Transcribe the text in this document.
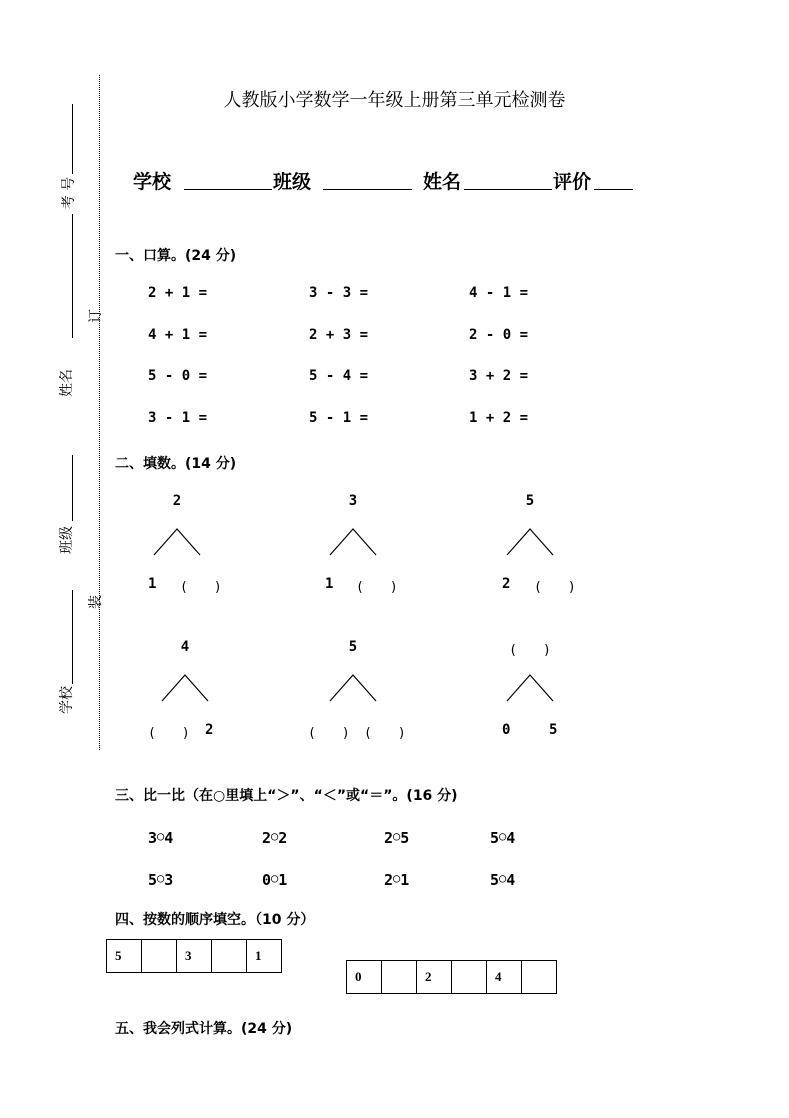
订
装
考 号
姓名
班级
学校
人教版小学数学一年级上册第三单元检测卷
学校	班级	姓名	评价
一、口算。(24 分)
2 + 1 =	3 - 3 =	4 - 1 =
4 + 1 =	2 + 3 =	2 - 0 =
5 - 0 =	5 - 4 =	3 + 2 =
3 - 1 =	5 - 1 =	1 + 2 =
二、填数。(14 分)
2
1 (　　)
3
1 (　　)
5
2 (　　)
4
(　　) 2
5
(　　) (　　)
(　　)
0	5
三、比一比（在○里填上“＞”、“＜”或“＝”。(16 分)
3○4	2○2	2○5	5○4
5○3	0○1	2○1	5○4
四、按数的顺序填空。（10 分）
5		3		1
0		2		4	
五、我会列式计算。(24 分)
